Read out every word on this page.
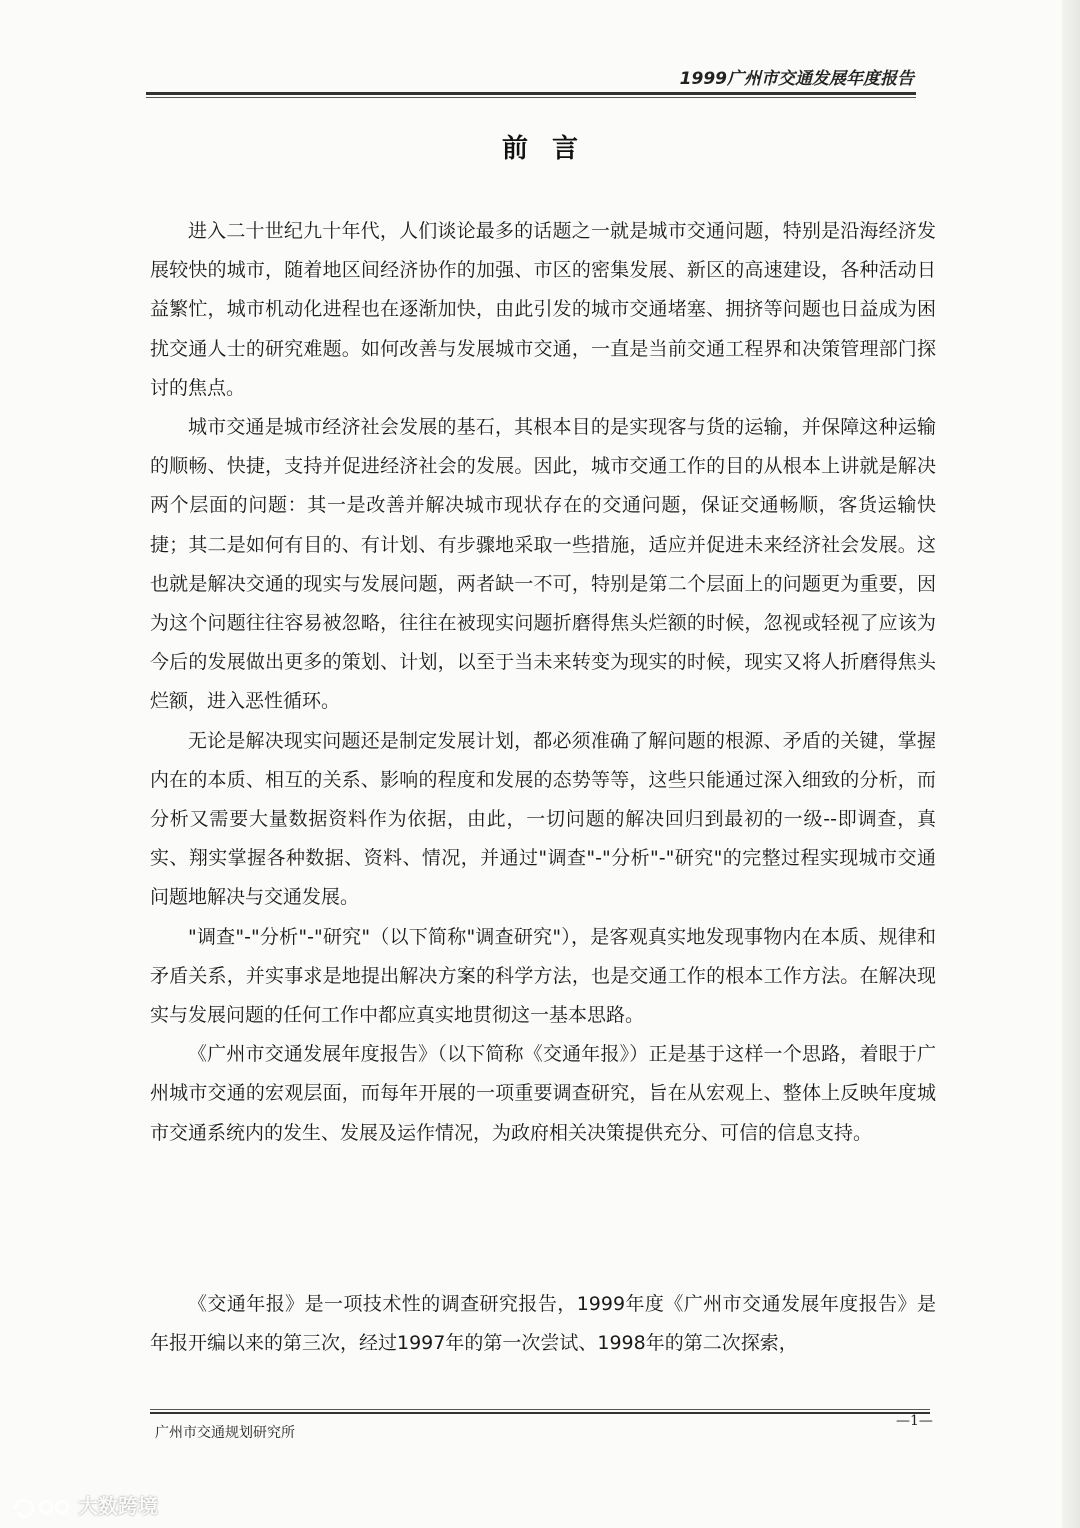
1999广州市交通发展年度报告
前言

进入二十世纪九十年代，人们谈论最多的话题之一就是城市交通问题，特别是沿海经济发展较快的城市，随着地区间经济协作的加强、市区的密集发展、新区的高速建设，各种活动日益繁忙，城市机动化进程也在逐渐加快，由此引发的城市交通堵塞、拥挤等问题也日益成为困扰交通人士的研究难题。如何改善与发展城市交通，一直是当前交通工程界和决策管理部门探讨的焦点。

城市交通是城市经济社会发展的基石，其根本目的是实现客与货的运输，并保障这种运输的顺畅、快捷，支持并促进经济社会的发展。因此，城市交通工作的目的从根本上讲就是解决两个层面的问题：其一是改善并解决城市现状存在的交通问题，保证交通畅顺，客货运输快捷；其二是如何有目的、有计划、有步骤地采取一些措施，适应并促进未来经济社会发展。这也就是解决交通的现实与发展问题，两者缺一不可，特别是第二个层面上的问题更为重要，因为这个问题往往容易被忽略，往往在被现实问题折磨得焦头烂额的时候，忽视或轻视了应该为今后的发展做出更多的策划、计划，以至于当未来转变为现实的时候，现实又将人折磨得焦头烂额，进入恶性循环。

无论是解决现实问题还是制定发展计划，都必须准确了解问题的根源、矛盾的关键，掌握内在的本质、相互的关系、影响的程度和发展的态势等等，这些只能通过深入细致的分析，而分析又需要大量数据资料作为依据，由此，一切问题的解决回归到最初的一级--即调查，真实、翔实掌握各种数据、资料、情况，并通过"调查"-"分析"-"研究"的完整过程实现城市交通问题地解决与交通发展。

"调查"-"分析"-"研究"（以下简称"调查研究"），是客观真实地发现事物内在本质、规律和矛盾关系，并实事求是地提出解决方案的科学方法，也是交通工作的根本工作方法。在解决现实与发展问题的任何工作中都应真实地贯彻这一基本思路。

《广州市交通发展年度报告》（以下简称《交通年报》）正是基于这样一个思路，着眼于广州城市交通的宏观层面，而每年开展的一项重要调查研究，旨在从宏观上、整体上反映年度城市交通系统内的发生、发展及运作情况，为政府相关决策提供充分、可信的信息支持。

《交通年报》是一项技术性的调查研究报告，1999年度《广州市交通发展年度报告》是年报开编以来的第三次，经过1997年的第一次尝试、1998年的第二次探索，

广州市交通规划研究所
—1—
大数跨境
